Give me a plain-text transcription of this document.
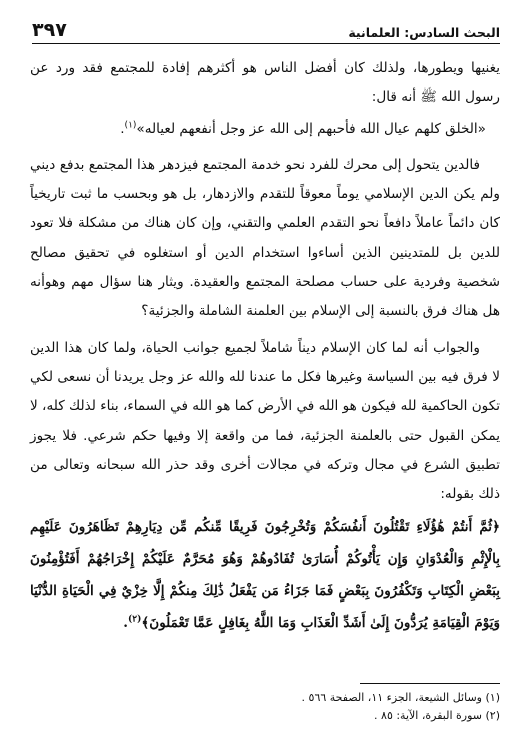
البحث السادس: العلمانية
٣٩٧

يغنيها ويطورها، ولذلك كان أفضل الناس هو أكثرهم إفادة للمجتمع فقد ورد عن رسول الله ﷺ أنه قال:

«الخلق كلهم عيال الله فأحبهم إلى الله عز وجل أنفعهم لعياله»$^{(١)}$.

فالدين يتحول إلى محرك للفرد نحو خدمة المجتمع فيزدهر هذا المجتمع بدفع ديني ولم يكن الدين الإسلامي يوماً معوقاً للتقدم والازدهار، بل هو وبحسب ما ثبت تاريخياً كان دائماً عاملاً دافعاً نحو التقدم العلمي والتقني، وإن كان هناك من مشكلة فلا تعود للدين بل للمتدينين الذين أساءوا استخدام الدين أو استغلوه في تحقيق مصالح شخصية وفردية على حساب مصلحة المجتمع والعقيدة. ويثار هنا سؤال مهم وهوأنه هل هناك فرق بالنسبة إلى الإسلام بين العلمنة الشاملة والجزئية؟

والجواب أنه لما كان الإسلام ديناً شاملاً لجميع جوانب الحياة، ولما كان هذا الدين لا فرق فيه بين السياسة وغيرها فكل ما عندنا لله والله عز وجل يريدنا أن نسعى لكي تكون الحاكمية لله فيكون هو الله في الأرض كما هو الله في السماء، بناء لذلك كله، لا يمكن القبول حتى بالعلمنة الجزئية، فما من واقعة إلا وفيها حكم شرعي. فلا يجوز تطبيق الشرع في مجال وتركه في مجالات أخرى وقد حذر الله سبحانه وتعالى من ذلك بقوله:

﴿ثُمَّ أَنتُمْ هَٰؤُلَاءِ تَقْتُلُونَ أَنفُسَكُمْ وَتُخْرِجُونَ فَرِيقًا مِّنكُم مِّن دِيَارِهِمْ تَظَاهَرُونَ عَلَيْهِم بِالْإِثْمِ وَالْعُدْوَانِ وَإِن يَأْتُوكُمْ أُسَارَىٰ تُفَادُوهُمْ وَهُوَ مُحَرَّمٌ عَلَيْكُمْ إِخْرَاجُهُمْ أَفَتُؤْمِنُونَ بِبَعْضِ الْكِتَابِ وَتَكْفُرُونَ بِبَعْضٍ فَمَا جَزَاءُ مَن يَفْعَلُ ذَٰلِكَ مِنكُمْ إِلَّا خِزْيٌ فِي الْحَيَاةِ الدُّنْيَا وَيَوْمَ الْقِيَامَةِ يُرَدُّونَ إِلَىٰ أَشَدِّ الْعَذَابِ وَمَا اللَّهُ بِغَافِلٍ عَمَّا تَعْمَلُونَ﴾$^{(٢)}$.

(١) وسائل الشيعة، الجزء ١١، الصفحة ٥٦٦ .
(٢) سورة البقرة، الآية: ٨٥ .
